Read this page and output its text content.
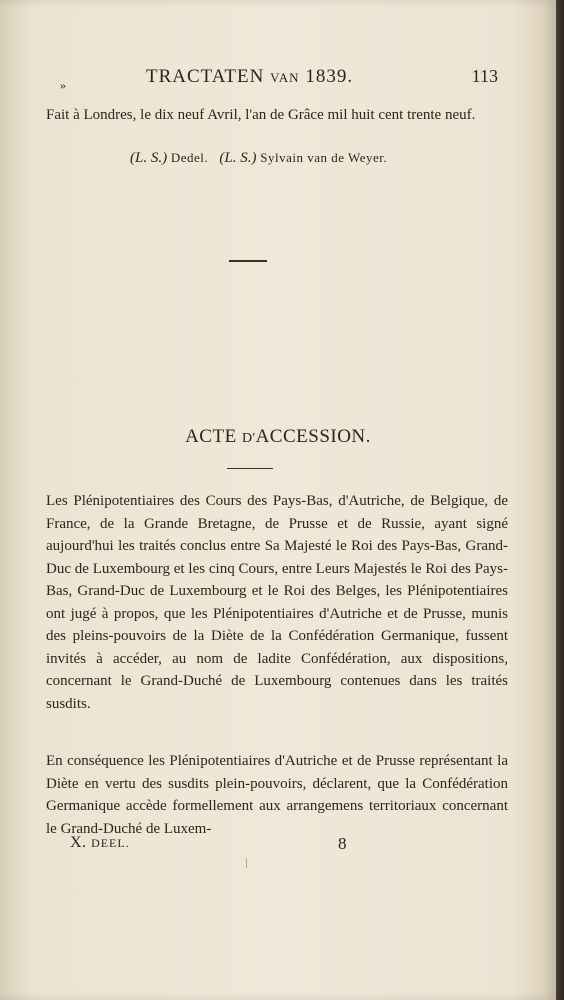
»	TRACTATEN VAN 1839.	113
Fait à Londres, le dix neuf Avril, l'an de Grâce mil huit cent trente neuf.
(L. S.) Dedel. (L. S.) Sylvain van de Weyer.
ACTE D'ACCESSION.
Les Plénipotentiaires des Cours des Pays-Bas, d'Autriche, de Belgique, de France, de la Grande Bretagne, de Prusse et de Russie, ayant signé aujourd'hui les traités conclus entre Sa Majesté le Roi des Pays-Bas, Grand-Duc de Luxembourg et les cinq Cours, entre Leurs Majestés le Roi des Pays-Bas, Grand-Duc de Luxembourg et le Roi des Belges, les Plénipotentiaires ont jugé à propos, que les Plénipotentiaires d'Autriche et de Prusse, munis des pleins-pouvoirs de la Diète de la Confédération Germanique, fussent invités à accéder, au nom de ladite Confédération, aux dispositions, concernant le Grand-Duché de Luxembourg contenues dans les traités susdits.
En conséquence les Plénipotentiaires d'Autriche et de Prusse représentant la Diète en vertu des susdits plein-pouvoirs, déclarent, que la Confédération Germanique accède formellement aux arrangemens territoriaux concernant le Grand-Duché de Luxem-
X. DEEL.	8
